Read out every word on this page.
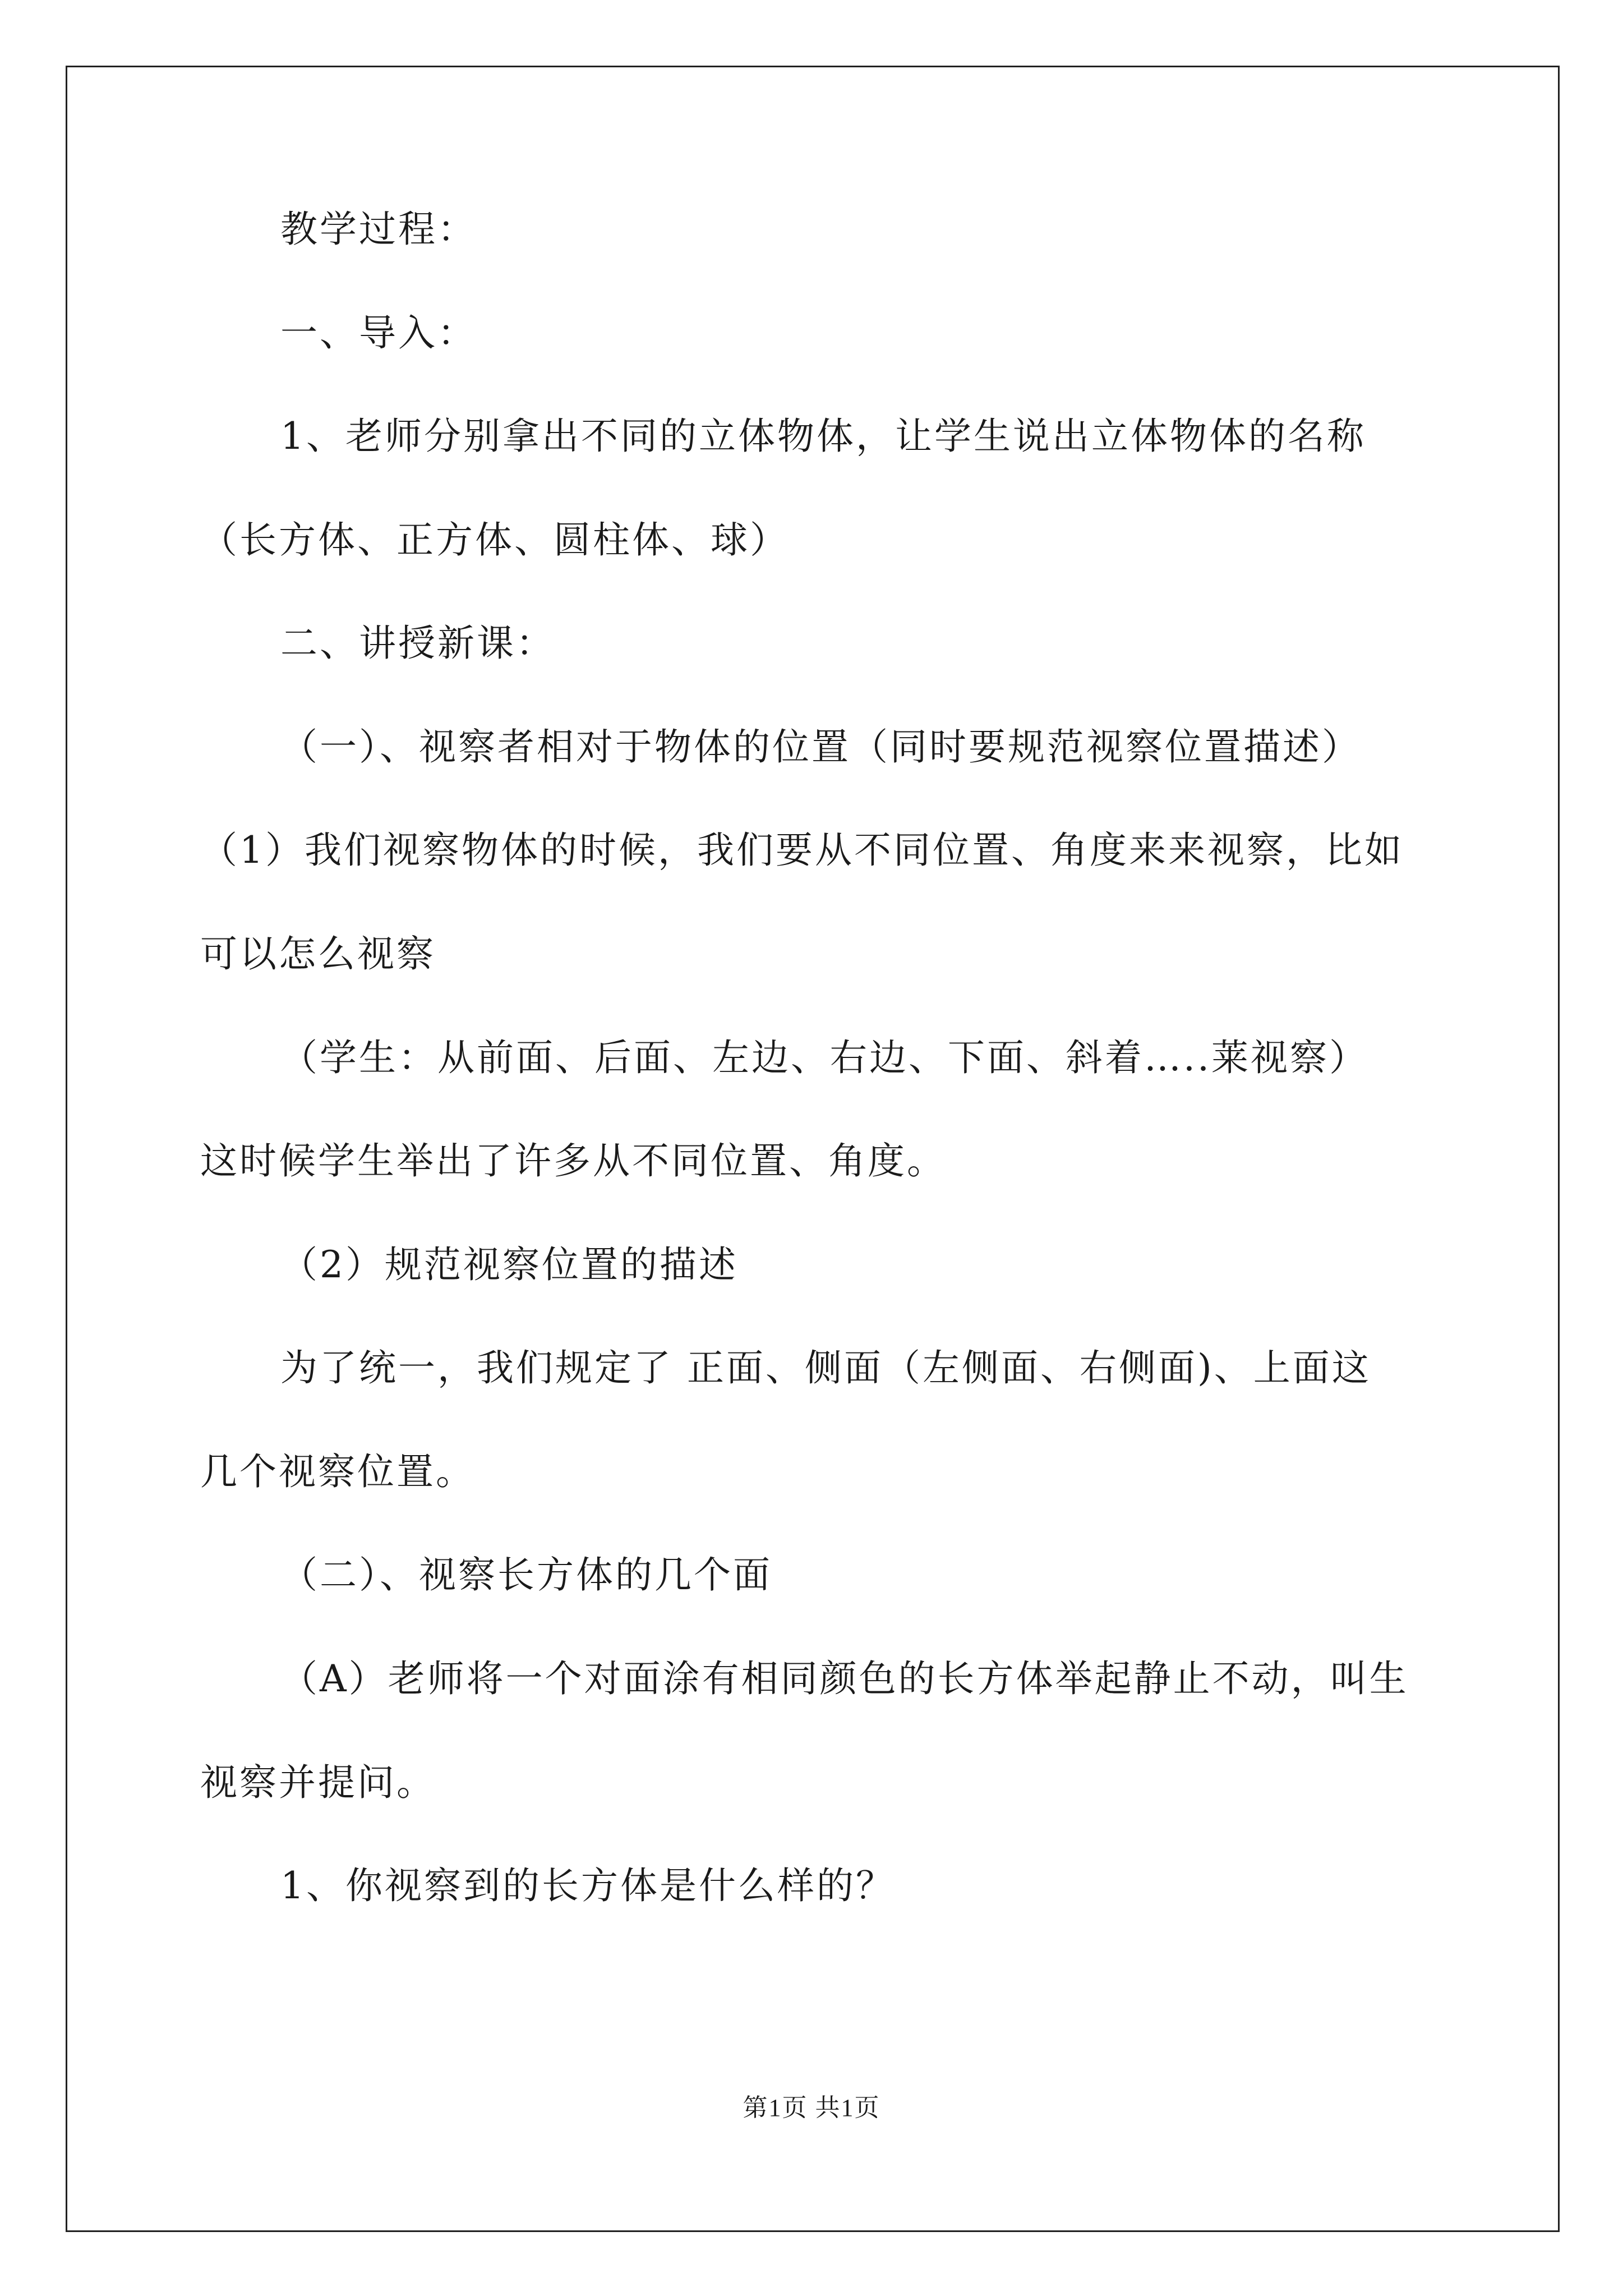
教学过程：
一、导入：
1、老师分别拿出不同的立体物体，让学生说出立体物体的名称
（长方体、正方体、圆柱体、球）
二、讲授新课：
（一）、视察者相对于物体的位置（同时要规范视察位置描述）
（1）我们视察物体的时候，我们要从不同位置、角度来来视察，比如
可以怎么视察
（学生：从前面、后面、左边、右边、下面、斜着…..莱视察）
这时候学生举出了许多从不同位置、角度。
（2）规范视察位置的描述
为了统一，我们规定了 正面、侧面（左侧面、右侧面)、上面这
几个视察位置。
（二）、视察长方体的几个面
（A）老师将一个对面涂有相同颜色的长方体举起静止不动，叫生
视察并提问。
1、你视察到的长方体是什么样的？
第1页 共1页
